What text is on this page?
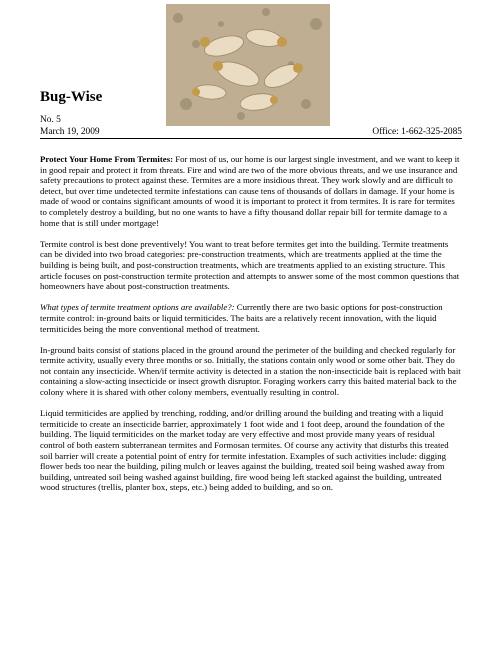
Bug-Wise
No. 5
March 19, 2009	Office: 1-662-325-2085

Protect Your Home From Termites: For most of us, our home is our largest single investment, and we want to keep it in good repair and protect it from threats. Fire and wind are two of the more obvious threats, and we use insurance and safety precautions to protect against these. Termites are a more insidious threat. They work slowly and are difficult to detect, but over time undetected termite infestations can cause tens of thousands of dollars in damage. If your home is made of wood or contains significant amounts of wood it is important to protect it from termites. It is rare for termites to completely destroy a building, but no one wants to have a fifty thousand dollar repair bill for termite damage to a home that is still under mortgage!

Termite control is best done preventively! You want to treat before termites get into the building. Termite treatments can be divided into two broad categories: pre-construction treatments, which are treatments applied at the time the building is being built, and post-construction treatments, which are treatments applied to an existing structure. This article focuses on post-construction termite protection and attempts to answer some of the most common questions that homeowners have about post-construction treatments.

What types of termite treatment options are available?: Currently there are two basic options for post-construction termite control: in-ground baits or liquid termiticides. The baits are a relatively recent innovation, with the liquid termiticides being the more conventional method of treatment.

In-ground baits consist of stations placed in the ground around the perimeter of the building and checked regularly for termite activity, usually every three months or so. Initially, the stations contain only wood or some other bait. They do not contain any insecticide. When/if termite activity is detected in a station the non-insecticide bait is replaced with bait containing a slow-acting insecticide or insect growth disruptor. Foraging workers carry this baited material back to the colony where it is shared with other colony members, eventually resulting in control.

Liquid termiticides are applied by trenching, rodding, and/or drilling around the building and treating with a liquid termiticide to create an insecticide barrier, approximately 1 foot wide and 1 foot deep, around the foundation of the building. The liquid termiticides on the market today are very effective and most provide many years of residual control of both eastern subterranean termites and Formosan termites. Of course any activity that disturbs this treated soil barrier will create a potential point of entry for termite infestation. Examples of such activities include: digging flower beds too near the building, piling mulch or leaves against the building, treated soil being washed away from building, untreated soil being washed against building, fire wood being left stacked against the building, untreated wood structures (trellis, planter box, steps, etc.) being added to building, and so on.
